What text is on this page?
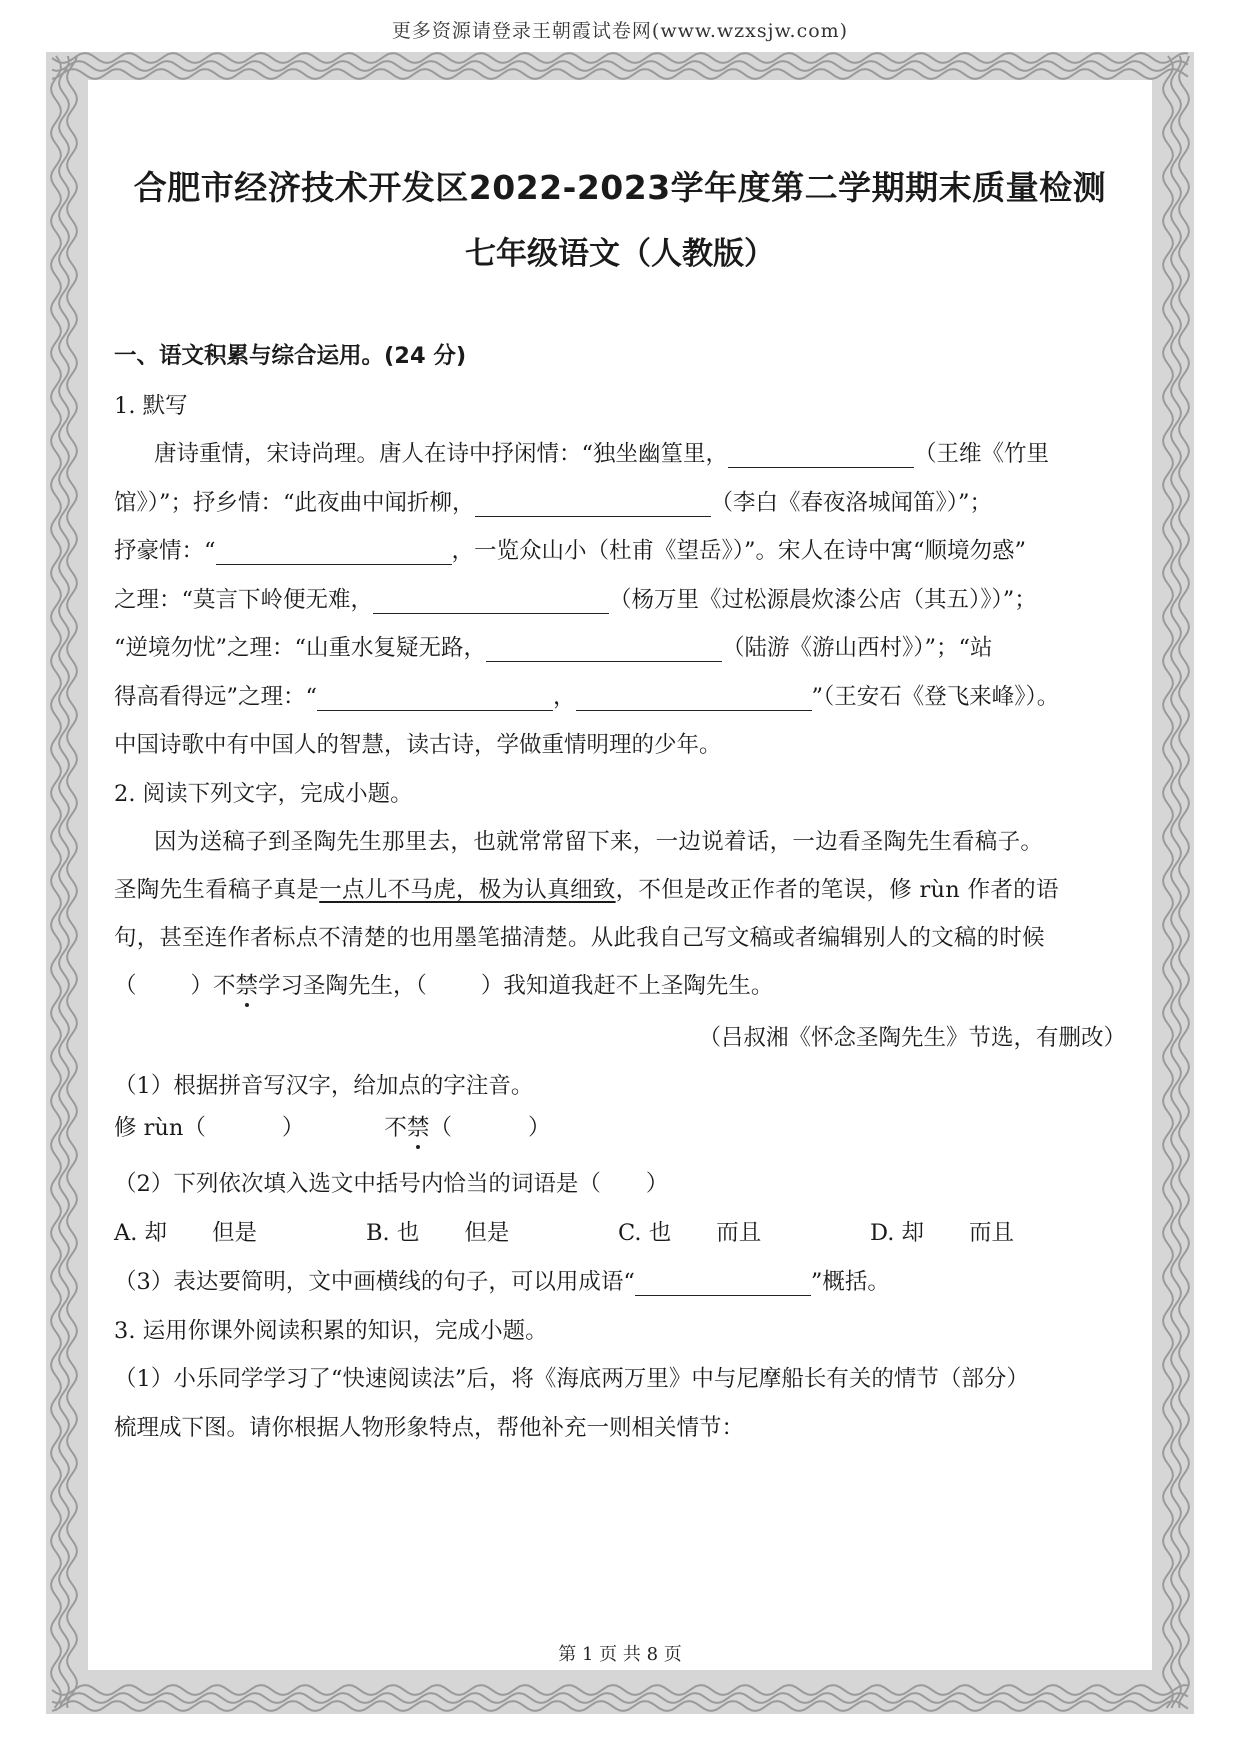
更多资源请登录王朝霞试卷网(www.wzxsjw.com)
合肥市经济技术开发区2022-2023学年度第二学期期末质量检测
七年级语文（人教版）
一、语文积累与综合运用。(24 分)
1. 默写
唐诗重情，宋诗尚理。唐人在诗中抒闲情：“独坐幽篁里，	（王维《竹里
馆》）”；抒乡情：“此夜曲中闻折柳，	（李白《春夜洛城闻笛》）”；
抒豪情：“	，一览众山小（杜甫《望岳》）”。宋人在诗中寓“顺境勿惑”
之理：“莫言下岭便无难，	（杨万里《过松源晨炊漆公店（其五）》）”；
“逆境勿忧”之理：“山重水复疑无路，	（陆游《游山西村》）”；“站
得高看得远”之理：“	，	”（王安石《登飞来峰》）。
中国诗歌中有中国人的智慧，读古诗，学做重情明理的少年。
2. 阅读下列文字，完成小题。
因为送稿子到圣陶先生那里去，也就常常留下来，一边说着话，一边看圣陶先生看稿子。
圣陶先生看稿子真是一点儿不马虎，极为认真细致，不但是改正作者的笔误，修 rùn 作者的语
句，甚至连作者标点不清楚的也用墨笔描清楚。从此我自己写文稿或者编辑别人的文稿的时候
（ ）不禁学习圣陶先生，（ ）我知道我赶不上圣陶先生。
（吕叔湘《怀念圣陶先生》节选，有删改）
（1）根据拼音写汉字，给加点的字注音。
修 rùn（	）	不禁（	）
（2）下列依次填入选文中括号内恰当的词语是（　　）
A. 却　　但是	B. 也　　但是	C. 也　　而且	D. 却　　而且
（3）表达要简明，文中画横线的句子，可以用成语“	”概括。
3. 运用你课外阅读积累的知识，完成小题。
（1）小乐同学学习了“快速阅读法”后，将《海底两万里》中与尼摩船长有关的情节（部分）
梳理成下图。请你根据人物形象特点，帮他补充一则相关情节：
第 1 页 共 8 页
